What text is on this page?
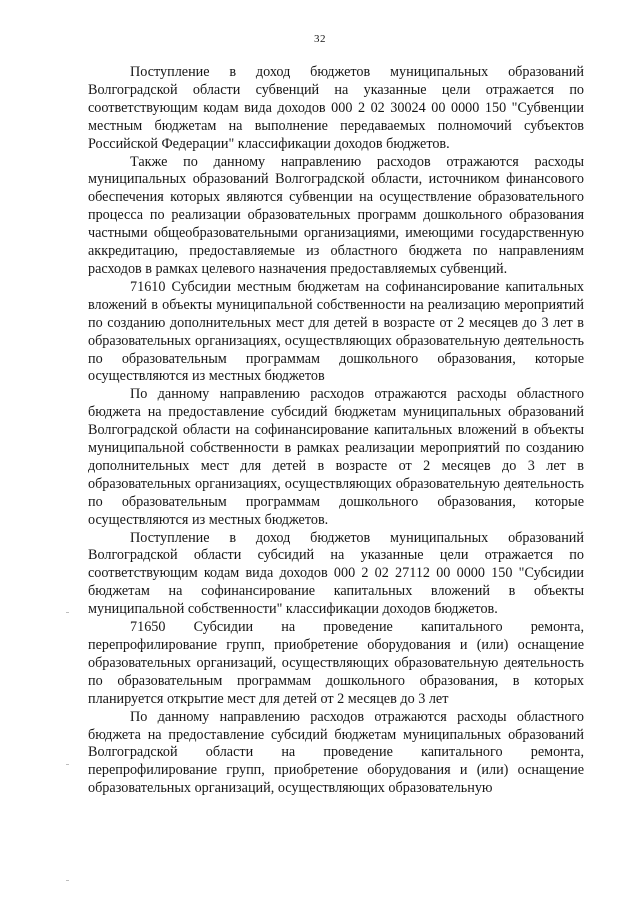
32

Поступление в доход бюджетов муниципальных образований Волгоградской области субвенций на указанные цели отражается по соответствующим кодам вида доходов 000 2 02 30024 00 0000 150 "Субвенции местным бюджетам на выполнение передаваемых полномочий субъектов Российской Федерации" классификации доходов бюджетов.

Также по данному направлению расходов отражаются расходы муниципальных образований Волгоградской области, источником финансового обеспечения которых являются субвенции на осуществление образовательного процесса по реализации образовательных программ дошкольного образования частными общеобразовательными организациями, имеющими государственную аккредитацию, предоставляемые из областного бюджета по направлениям расходов в рамках целевого назначения предоставляемых субвенций.

71610 Субсидии местным бюджетам на софинансирование капитальных вложений в объекты муниципальной собственности на реализацию мероприятий по созданию дополнительных мест для детей в возрасте от 2 месяцев до 3 лет в образовательных организациях, осуществляющих образовательную деятельность по образовательным программам дошкольного образования, которые осуществляются из местных бюджетов

По данному направлению расходов отражаются расходы областного бюджета на предоставление субсидий бюджетам муниципальных образований Волгоградской области на софинансирование капитальных вложений в объекты муниципальной собственности в рамках реализации мероприятий по созданию дополнительных мест для детей в возрасте от 2 месяцев до 3 лет в образовательных организациях, осуществляющих образовательную деятельность по образовательным программам дошкольного образования, которые осуществляются из местных бюджетов.

Поступление в доход бюджетов муниципальных образований Волгоградской области субсидий на указанные цели отражается по соответствующим кодам вида доходов 000 2 02 27112 00 0000 150 "Субсидии бюджетам на софинансирование капитальных вложений в объекты муниципальной собственности" классификации доходов бюджетов.

71650 Субсидии на проведение капитального ремонта, перепрофилирование групп, приобретение оборудования и (или) оснащение образовательных организаций, осуществляющих образовательную деятельность по образовательным программам дошкольного образования, в которых планируется открытие мест для детей от 2 месяцев до 3 лет

По данному направлению расходов отражаются расходы областного бюджета на предоставление субсидий бюджетам муниципальных образований Волгоградской области на проведение капитального ремонта, перепрофилирование групп, приобретение оборудования и (или) оснащение образовательных организаций, осуществляющих образовательную
